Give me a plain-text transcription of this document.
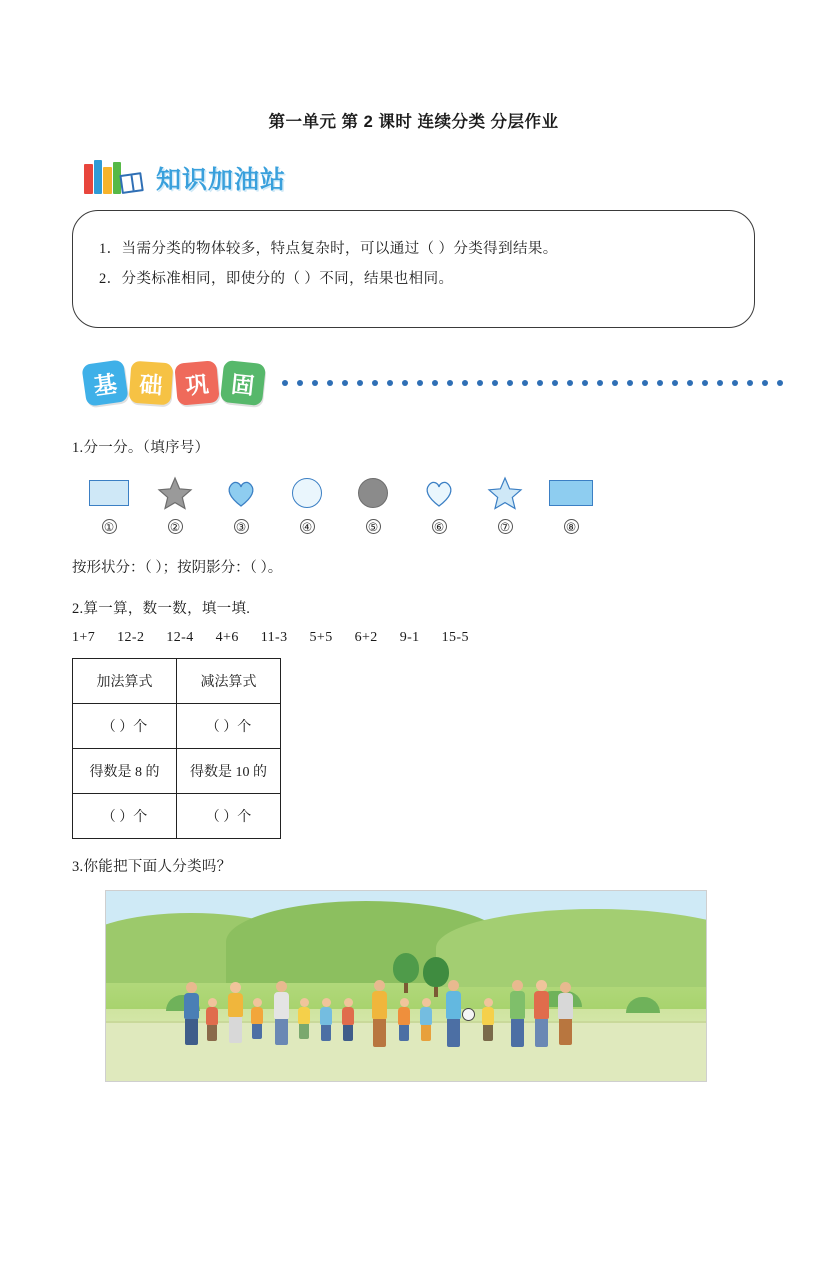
第一单元 第 2 课时 连续分类 分层作业
知识加油站
1．当需分类的物体较多，特点复杂时，可以通过（ ）分类得到结果。
2．分类标准相同，即使分的（ ）不同，结果也相同。
基 础 巩 固
1.分一分。（填序号）
①	②	③	④	⑤	⑥	⑦	⑧
按形状分：（ ）；按阴影分：（ ）。
2.算一算，数一数，填一填.
1+7 12-2 12-4 4+6 11-3 5+5 6+2 9-1 15-5
加法算式	减法算式
（ ）个	（ ）个
得数是 8 的	得数是 10 的
（ ）个	（ ）个
3.你能把下面人分类吗？
